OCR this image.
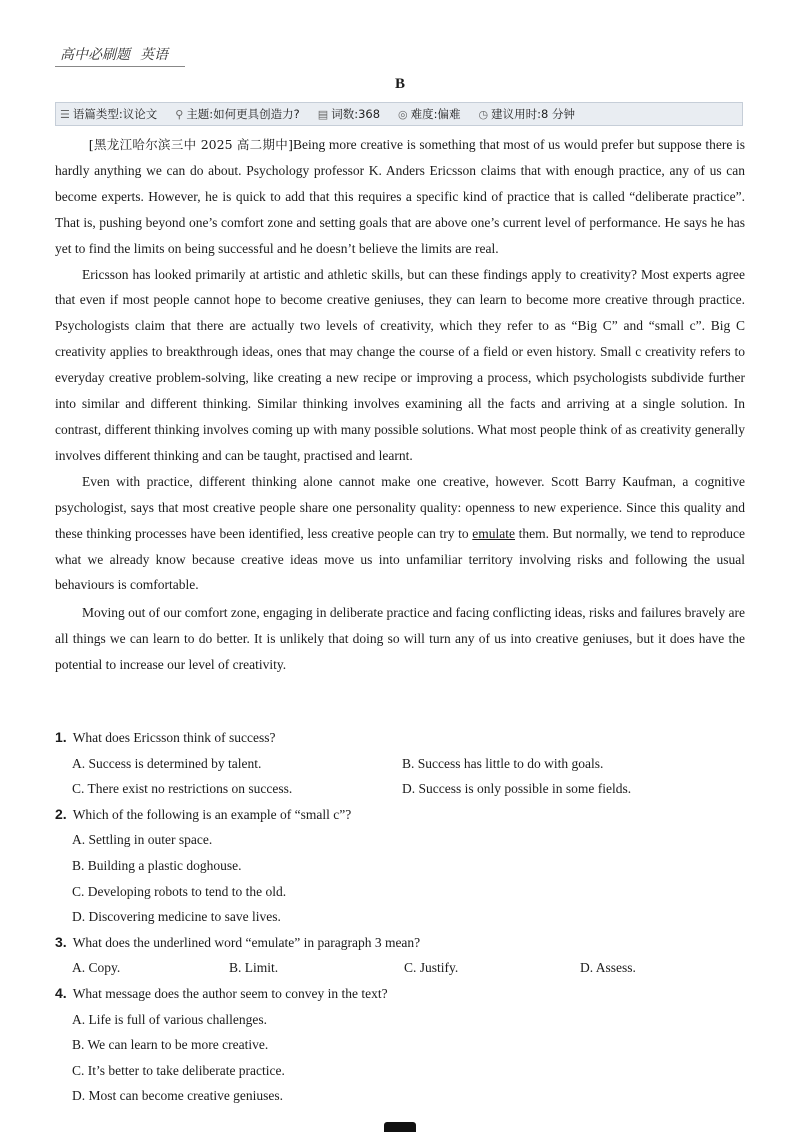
高中必刷题 英语
B
☰ 语篇类型:议论文 ⚲ 主题:如何更具创造力? ▤ 词数:368 ◎ 难度:偏难 ◷ 建议用时:8 分钟

[黑龙江哈尔滨三中 2025 高二期中]Being more creative is something that most of us would prefer but suppose there is hardly anything we can do about. Psychology professor K. Anders Ericsson claims that with enough practice, any of us can become experts. However, he is quick to add that this requires a specific kind of practice that is called “deliberate practice”. That is, pushing beyond one’s comfort zone and setting goals that are above one’s current level of performance. He says he has yet to find the limits on being successful and he doesn’t believe the limits are real.

Ericsson has looked primarily at artistic and athletic skills, but can these findings apply to creativity? Most experts agree that even if most people cannot hope to become creative geniuses, they can learn to become more creative through practice. Psychologists claim that there are actually two levels of creativity, which they refer to as “Big C” and “small c”. Big C creativity applies to breakthrough ideas, ones that may change the course of a field or even history. Small c creativity refers to everyday creative problem-solving, like creating a new recipe or improving a process, which psychologists subdivide further into similar and different thinking. Similar thinking involves examining all the facts and arriving at a single solution. In contrast, different thinking involves coming up with many possible solutions. What most people think of as creativity generally involves different thinking and can be taught, practised and learnt.

Even with practice, different thinking alone cannot make one creative, however. Scott Barry Kaufman, a cognitive psychologist, says that most creative people share one personality quality: openness to new experience. Since this quality and these thinking processes have been identified, less creative people can try to emulate them. But normally, we tend to reproduce what we already know because creative ideas move us into unfamiliar territory involving risks and following the usual behaviours is comfortable.

Moving out of our comfort zone, engaging in deliberate practice and facing conflicting ideas, risks and failures bravely are all things we can learn to do better. It is unlikely that doing so will turn any of us into creative geniuses, but it does have the potential to increase our level of creativity.

1. What does Ericsson think of success?
A. Success is determined by talent.	B. Success has little to do with goals.
C. There exist no restrictions on success.	D. Success is only possible in some fields.
2. Which of the following is an example of “small c”?
A. Settling in outer space.
B. Building a plastic doghouse.
C. Developing robots to tend to the old.
D. Discovering medicine to save lives.
3. What does the underlined word “emulate” in paragraph 3 mean?
A. Copy.	B. Limit.	C. Justify.	D. Assess.
4. What message does the author seem to convey in the text?
A. Life is full of various challenges.
B. We can learn to be more creative.
C. It’s better to take deliberate practice.
D. Most can become creative geniuses.
